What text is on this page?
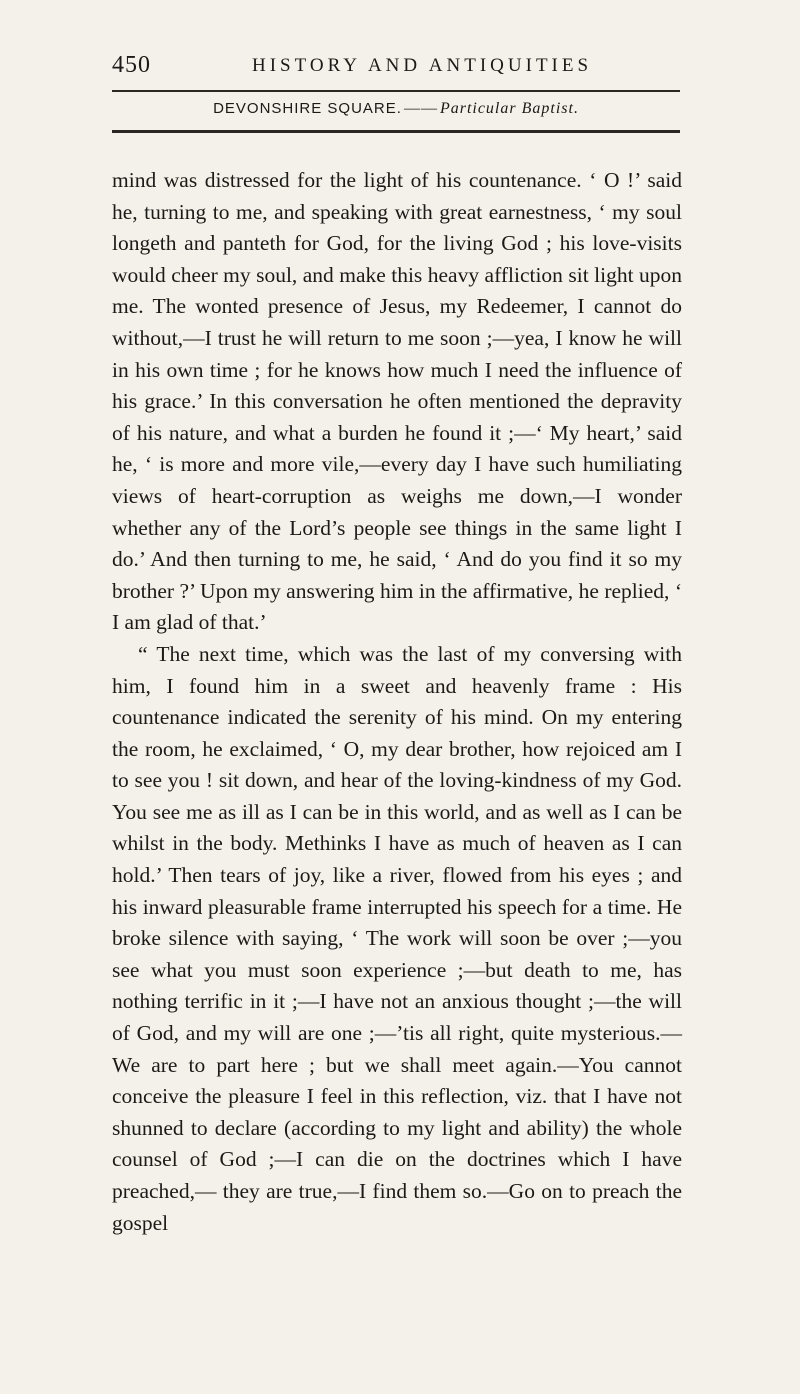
450	HISTORY AND ANTIQUITIES
DEVONSHIRE SQUARE. —— Particular Baptist.

mind was distressed for the light of his countenance. ‘ O !’ said he, turning to me, and speaking with great earnestness, ‘ my soul longeth and panteth for God, for the living God ; his love-visits would cheer my soul, and make this heavy affliction sit light upon me. The wonted presence of Jesus, my Redeemer, I cannot do without,—I trust he will return to me soon ;—yea, I know he will in his own time ; for he knows how much I need the influence of his grace.’ In this conversation he often mentioned the depravity of his nature, and what a burden he found it ;—‘ My heart,’ said he, ‘ is more and more vile,—every day I have such humiliating views of heart-corruption as weighs me down,—I wonder whether any of the Lord’s people see things in the same light I do.’ And then turning to me, he said, ‘ And do you find it so my brother ?’ Upon my answering him in the affirmative, he replied, ‘ I am glad of that.’

“ The next time, which was the last of my conversing with him, I found him in a sweet and heavenly frame : His countenance indicated the serenity of his mind. On my entering the room, he exclaimed, ‘ O, my dear brother, how rejoiced am I to see you ! sit down, and hear of the loving-kindness of my God. You see me as ill as I can be in this world, and as well as I can be whilst in the body. Methinks I have as much of heaven as I can hold.’ Then tears of joy, like a river, flowed from his eyes ; and his inward pleasurable frame interrupted his speech for a time. He broke silence with saying, ‘ The work will soon be over ;—you see what you must soon experience ;—but death to me, has nothing terrific in it ;—I have not an anxious thought ;—the will of God, and my will are one ;—’tis all right, quite mysterious.—We are to part here ; but we shall meet again.—You cannot conceive the pleasure I feel in this reflection, viz. that I have not shunned to declare (according to my light and ability) the whole counsel of God ;—I can die on the doctrines which I have preached,— they are true,—I find them so.—Go on to preach the gospel
